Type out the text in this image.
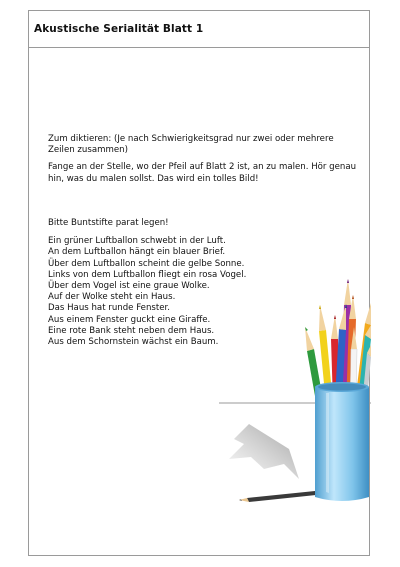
Akustische Serialität Blatt 1

Zum diktieren: (Je nach Schwierigkeitsgrad nur zwei oder mehrere Zeilen zusammen)

Fange an der Stelle, wo der Pfeil auf Blatt 2 ist, an zu malen. Hör genau hin, was du malen sollst. Das wird ein tolles Bild!

Bitte Buntstifte parat legen!

Ein grüner Luftballon schwebt in der Luft.
An dem Luftballon hängt ein blauer Brief.
Über dem Luftballon scheint die gelbe Sonne.
Links von dem Luftballon fliegt ein rosa Vogel.
Über dem Vogel ist eine graue Wolke.
Auf der Wolke steht ein Haus.
Das Haus hat runde Fenster.
Aus einem Fenster guckt eine Giraffe.
Eine rote Bank steht neben dem Haus.
Aus dem Schornstein wächst ein Baum.
